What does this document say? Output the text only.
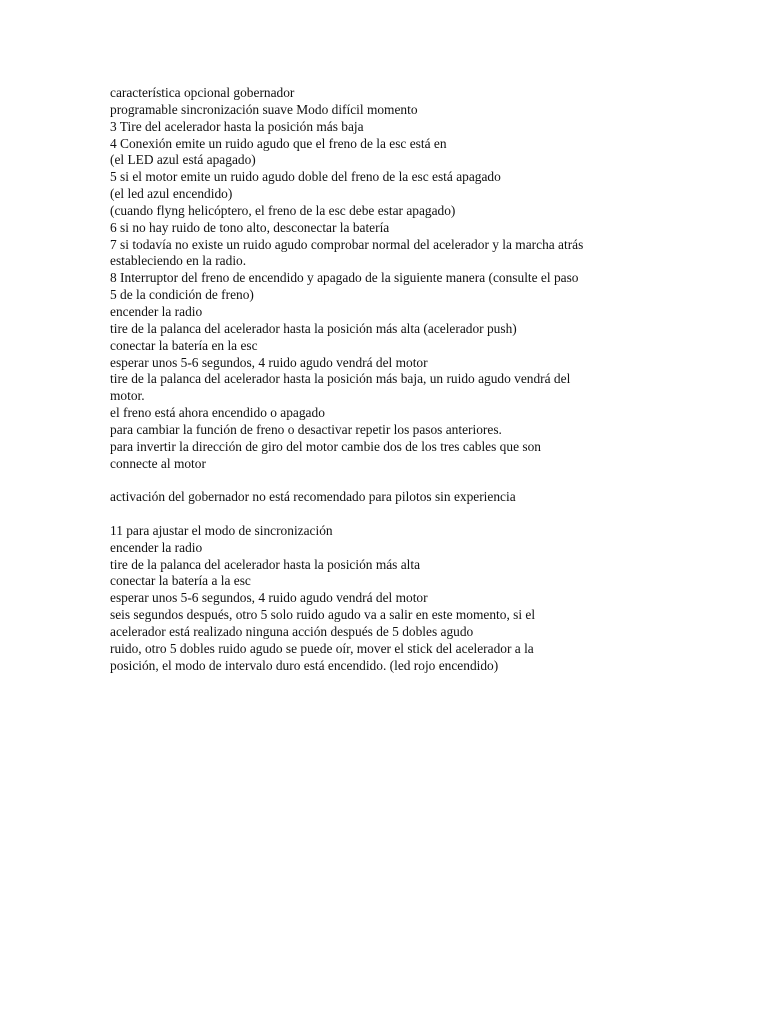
característica opcional gobernador
programable sincronización suave Modo difícil momento
3 Tire del acelerador hasta la posición más baja
4 Conexión emite un ruido agudo que el freno de la esc está en
(el LED azul está apagado)
5 si el motor emite un ruido agudo doble del freno de la esc está apagado
(el led azul encendido)
(cuando flyng helicóptero, el freno de la esc debe estar apagado)
6 si no hay ruido de tono alto, desconectar la batería
7 si todavía no existe un ruido agudo comprobar normal del acelerador y la marcha atrás
estableciendo en la radio.
8 Interruptor del freno de encendido y apagado de la siguiente manera (consulte el paso
5 de la condición de freno)
encender la radio
tire de la palanca del acelerador hasta la posición más alta (acelerador push)
conectar la batería en la esc
esperar unos 5-6 segundos, 4 ruido agudo vendrá del motor
tire de la palanca del acelerador hasta la posición más baja, un ruido agudo vendrá del
motor.
el freno está ahora encendido o apagado
para cambiar la función de freno o desactivar repetir los pasos anteriores.
para invertir la dirección de giro del motor cambie dos de los tres cables que son
connecte al motor
activación del gobernador no está recomendado para pilotos sin experiencia
11 para ajustar el modo de sincronización
encender la radio
tire de la palanca del acelerador hasta la posición más alta
conectar la batería a la esc
esperar unos 5-6 segundos, 4 ruido agudo vendrá del motor
seis segundos después, otro 5 solo ruido agudo va a salir en este momento, si el
acelerador está realizado ninguna acción después de 5 dobles agudo
ruido, otro 5 dobles ruido agudo se puede oír, mover el stick del acelerador a la
posición, el modo de intervalo duro está encendido. (led rojo encendido)
